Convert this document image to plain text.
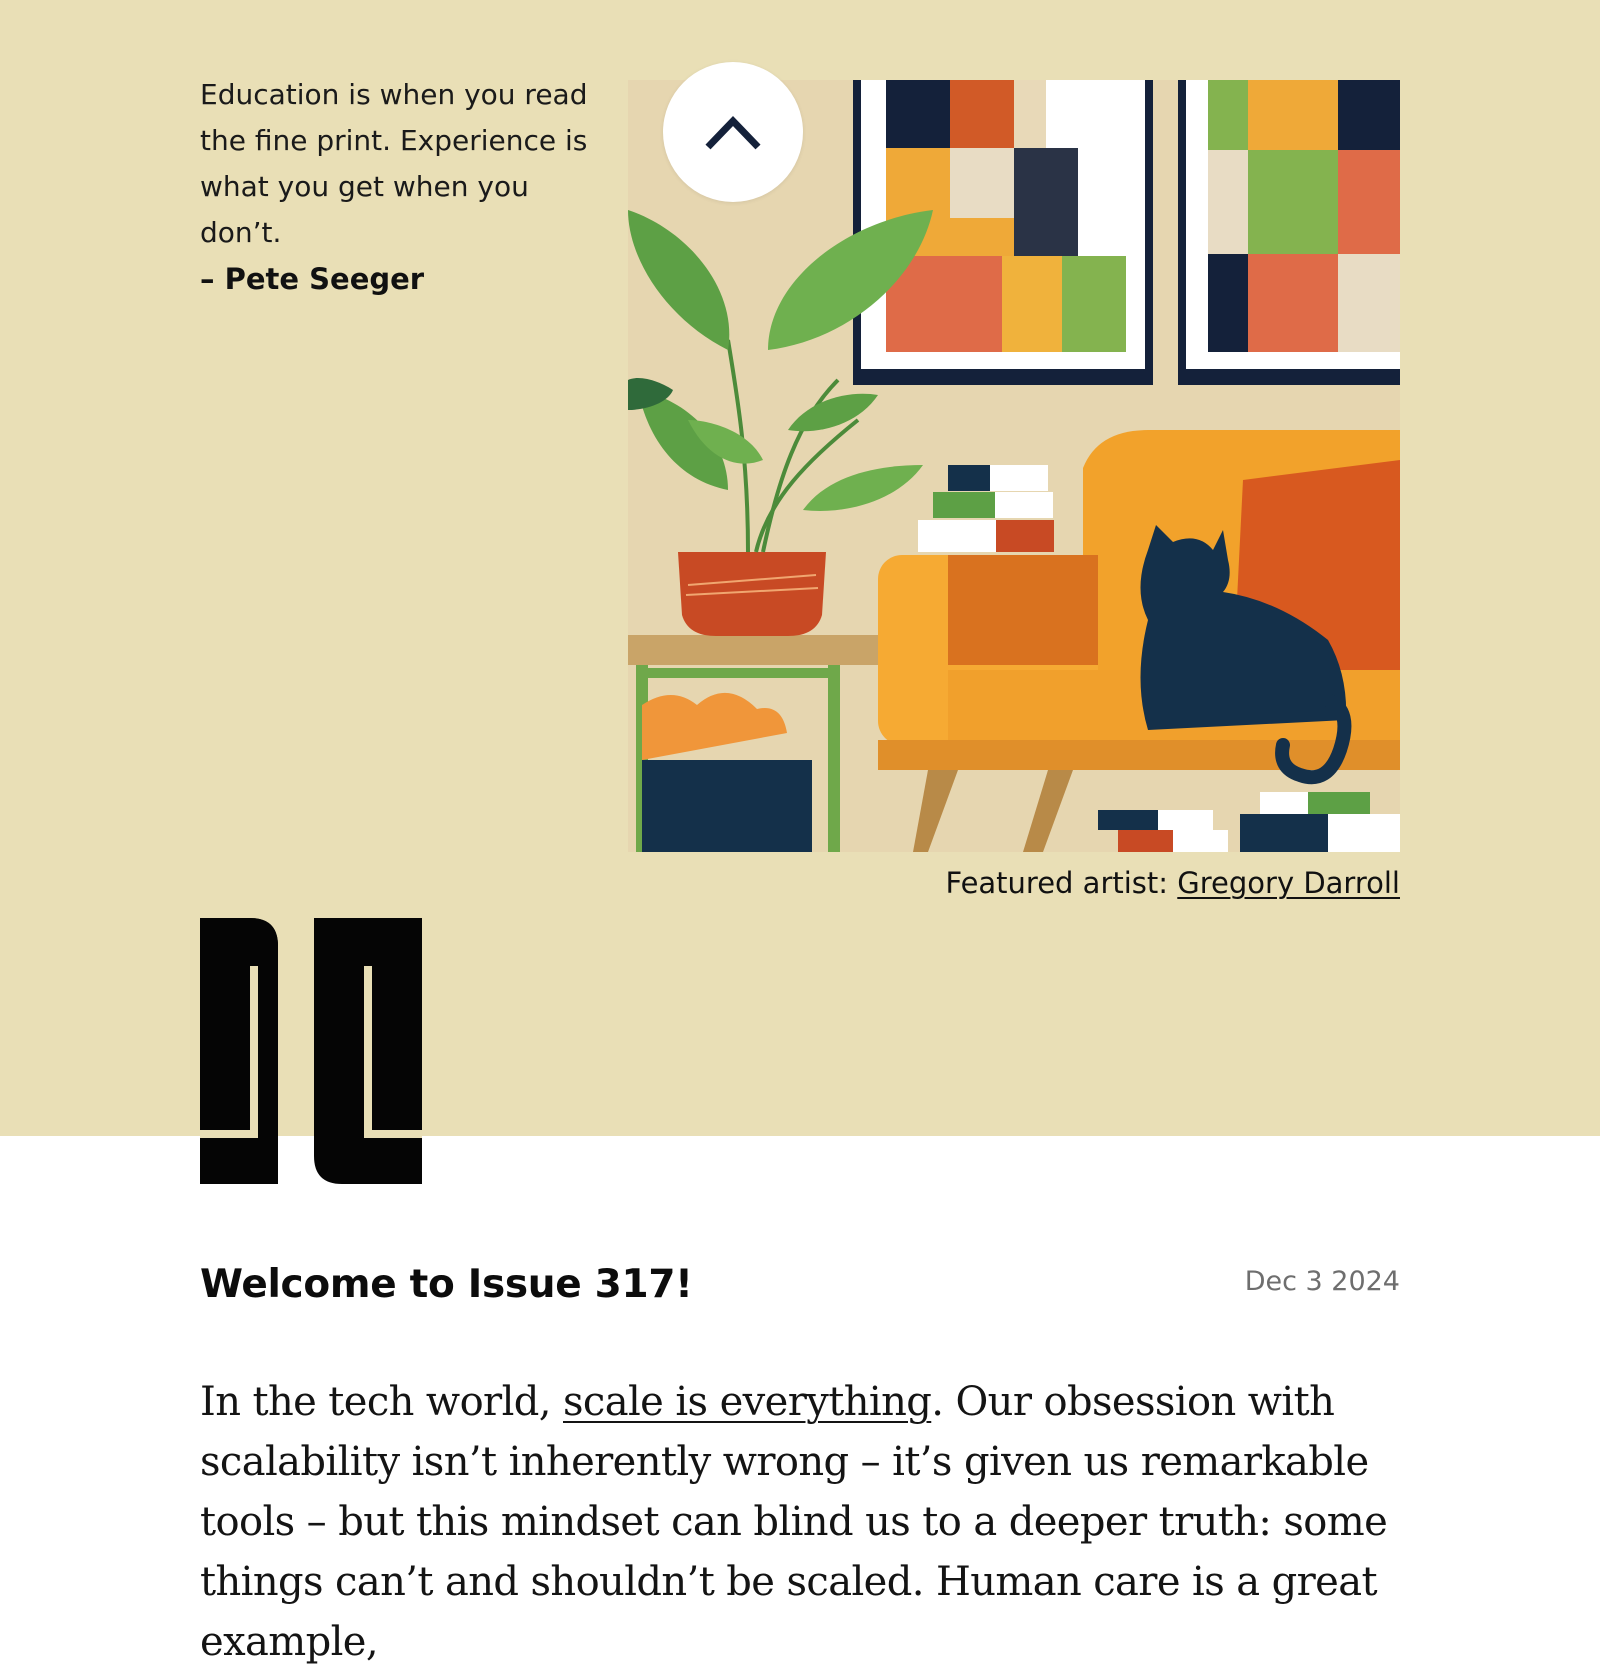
Education is when you read the fine print. Experience is what you get when you don’t.

– Pete Seeger

Featured artist: Gregory Darroll

Welcome to Issue 317!	Dec 3 2024

In the tech world, scale is everything. Our obsession with scalability isn’t inherently wrong – it’s given us remarkable tools – but this mindset can blind us to a deeper truth: some things can’t and shouldn’t be scaled. Human care is a great example,
